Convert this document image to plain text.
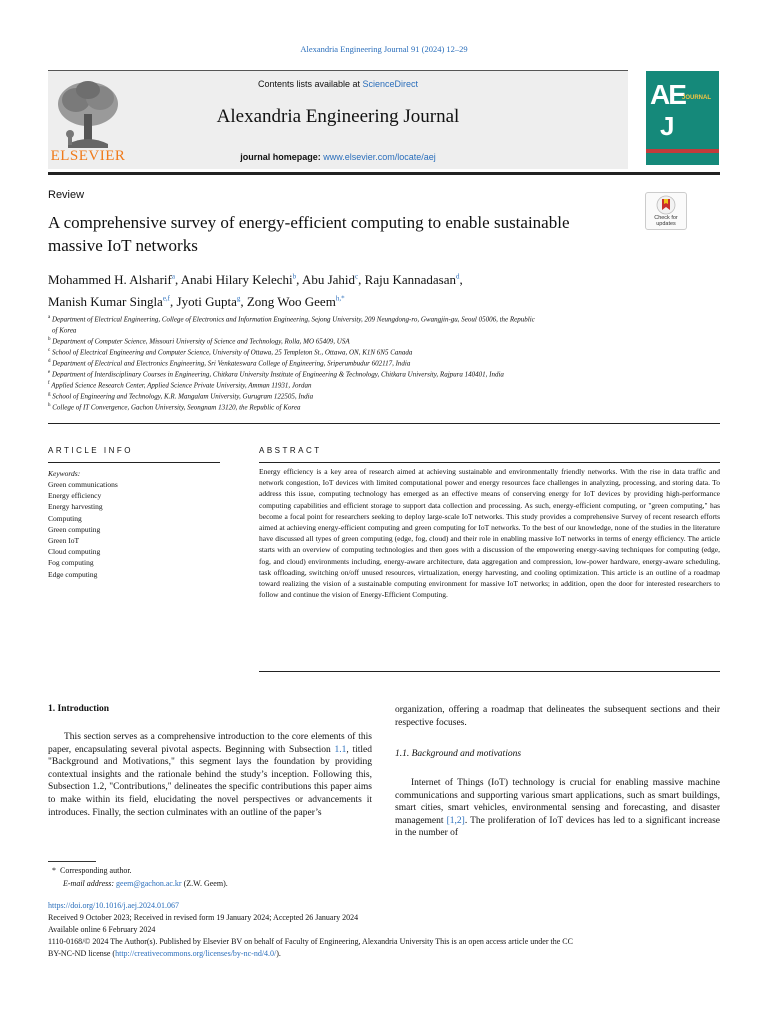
Alexandria Engineering Journal 91 (2024) 12–29
Contents lists available at ScienceDirect
Alexandria Engineering Journal
journal homepage: www.elsevier.com/locate/aej
ELSEVIER
AE
JOURNAL
J
Review
A comprehensive survey of energy-efficient computing to enable sustainable massive IoT networks
Check for updates
Mohammed H. Alsharif$^a$, Anabi Hilary Kelechi$^b$, Abu Jahid$^c$, Raju Kannadasan$^d$,
Manish Kumar Singla$^{e,f}$, Jyoti Gupta$^g$, Zong Woo Geem$^{h,*}$
$^a$ Department of Electrical Engineering, College of Electronics and Information Engineering, Sejong University, 209 Neungdong-ro, Gwangjin-gu, Seoul 05006, the Republic
of Korea
$^b$ Department of Computer Science, Missouri University of Science and Technology, Rolla, MO 65409, USA
$^c$ School of Electrical Engineering and Computer Science, University of Ottawa, 25 Templeton St., Ottawa, ON, K1N 6N5 Canada
$^d$ Department of Electrical and Electronics Engineering, Sri Venkateswara College of Engineering, Sriperumbudur 602117, India
$^e$ Department of Interdisciplinary Courses in Engineering, Chitkara University Institute of Engineering & Technology, Chitkara University, Rajpura 140401, India
$^f$ Applied Science Research Center, Applied Science Private University, Amman 11931, Jordan
$^g$ School of Engineering and Technology, K.R. Mangalam University, Gurugram 122505, India
$^h$ College of IT Convergence, Gachon University, Seongnam 13120, the Republic of Korea
ARTICLE INFO	ABSTRACT
Keywords:
Green communications
Energy efficiency
Energy harvesting
Computing
Green computing
Green IoT
Cloud computing
Fog computing
Edge computing
Energy efficiency is a key area of research aimed at achieving sustainable and environmentally friendly networks. With the rise in data traffic and network congestion, IoT devices with limited computational power and energy resources face challenges in analyzing, processing, and storing data. To address this issue, computing technology has emerged as an effective means of conserving energy for IoT devices by providing high-performance computing capabilities and efficient storage to support data collection and processing. As such, energy-efficient computing, or "green computing," has become a focal point for researchers seeking to deploy large-scale IoT networks. This study provides a comprehensive Survey of recent research efforts aimed at achieving energy-efficient computing and green computing for IoT networks. To the best of our knowledge, none of the studies in the literature have discussed all types of green computing (edge, fog, cloud) and their role in enabling massive IoT networks in terms of energy efficiency. The article starts with an overview of computing technologies and then goes with a discussion of the empowering energy-saving techniques for computing (edge, fog, and cloud) environments including, energy-aware architecture, data aggregation and compression, low-power hardware, energy-aware scheduling, task offloading, switching on/off unused resources, virtualization, energy harvesting, and cooling optimization. This article is an outline of a roadmap toward realizing the vision of a sustainable computing environment for massive IoT networks; in addition, open the door for interested researchers to follow and continue the vision of Energy-Efficient Computing.
1. Introduction
This section serves as a comprehensive introduction to the core elements of this paper, encapsulating several pivotal aspects. Beginning with Subsection 1.1, titled "Background and Motivations," this segment lays the foundation by providing contextual insights and the rationale behind the study’s inception. Following this, Subsection 1.2, "Contributions," delineates the specific contributions this paper aims to make within its field, elucidating the novel perspectives or advancements it introduces. Finally, the section culminates with an outline of the paper’s
organization, offering a roadmap that delineates the subsequent sections and their respective focuses.
1.1. Background and motivations
Internet of Things (IoT) technology is crucial for enabling massive machine communications and supporting various smart applications, such as smart buildings, smart cities, smart vehicles, environmental sensing and forecasting, and disaster management [1,2]. The proliferation of IoT devices has led to a significant increase in the number of
*  Corresponding author.
E-mail address: geem@gachon.ac.kr (Z.W. Geem).
https://doi.org/10.1016/j.aej.2024.01.067
Received 9 October 2023; Received in revised form 19 January 2024; Accepted 26 January 2024
Available online 6 February 2024
1110-0168/© 2024 The Author(s). Published by Elsevier BV on behalf of Faculty of Engineering, Alexandria University This is an open access article under the CC
BY-NC-ND license (http://creativecommons.org/licenses/by-nc-nd/4.0/).
